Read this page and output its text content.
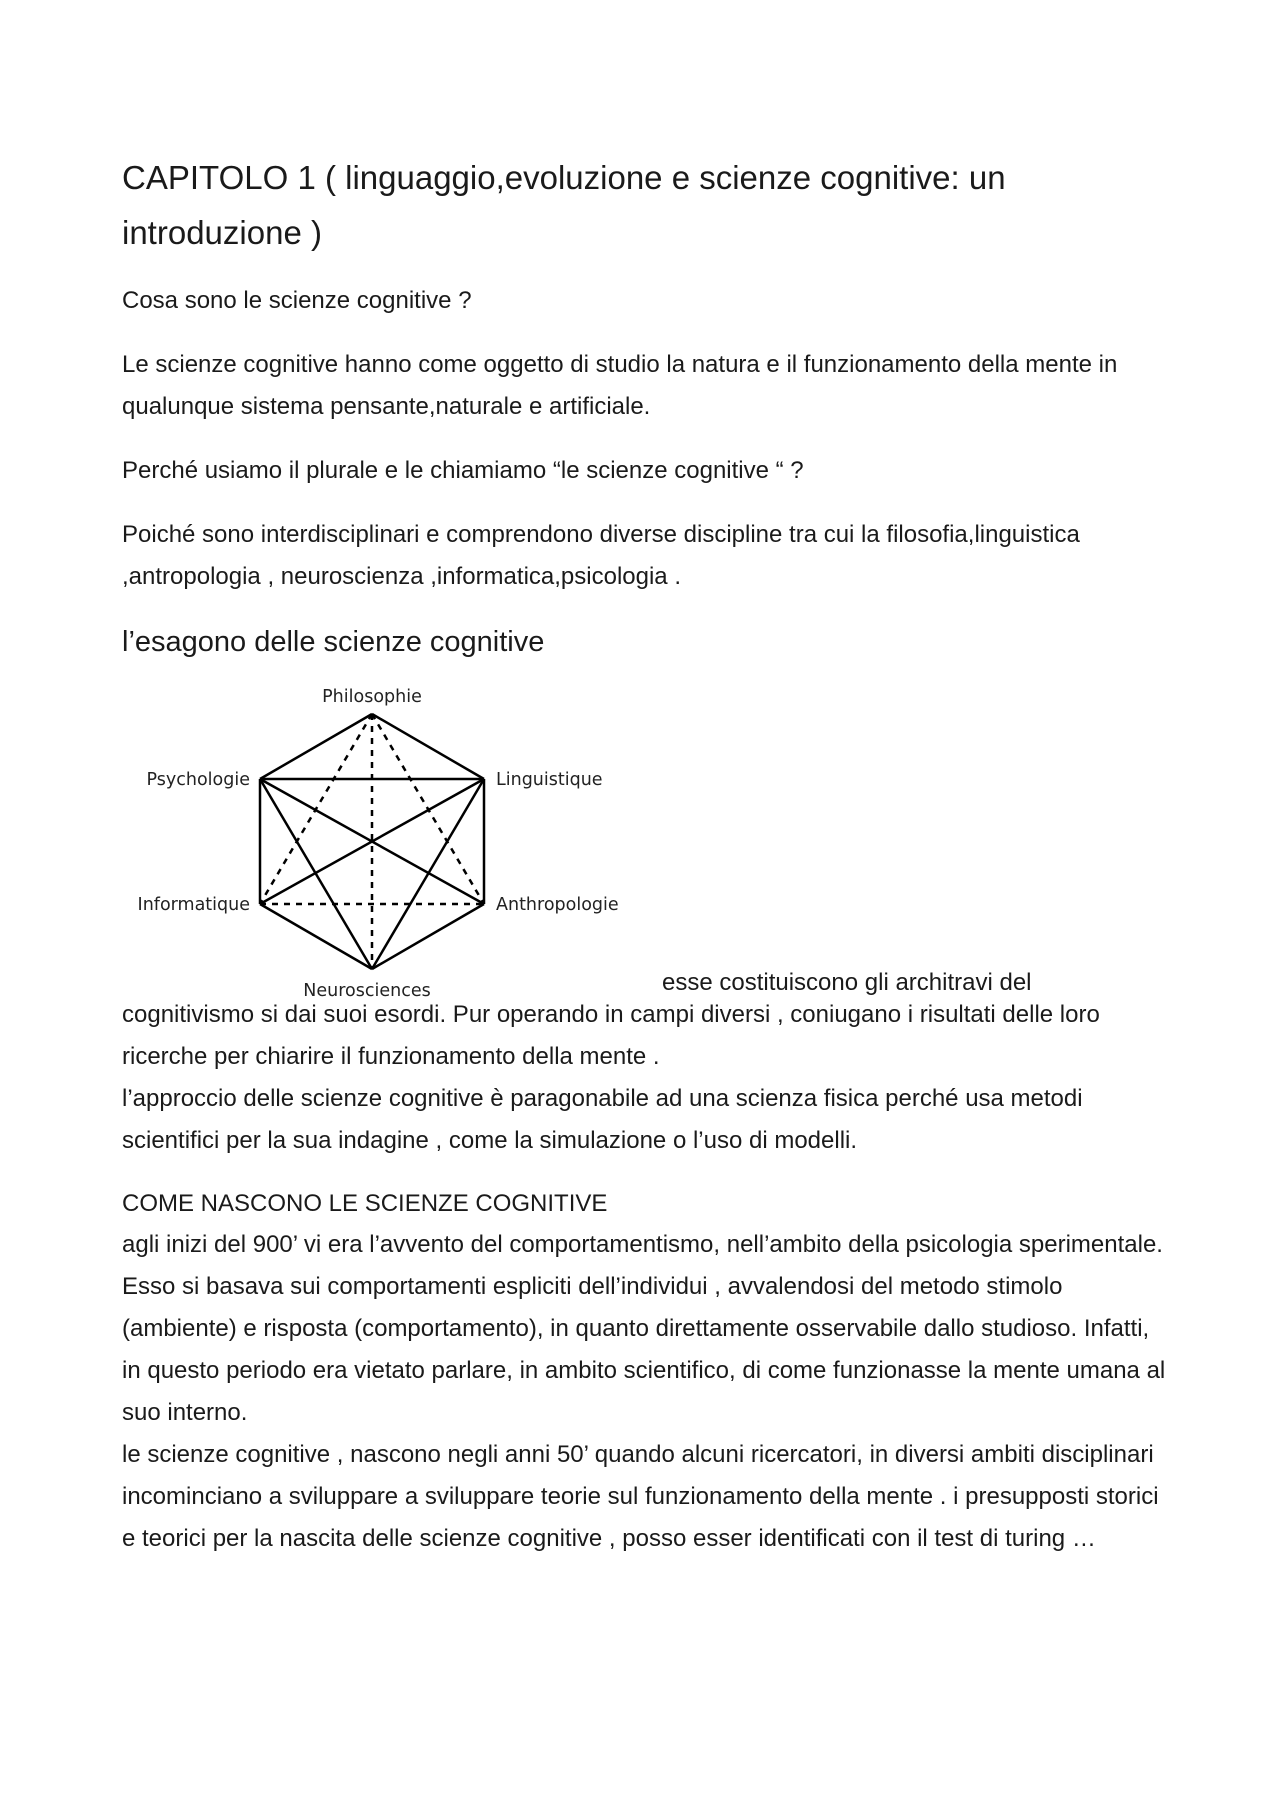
CAPITOLO 1 ( linguaggio,evoluzione e scienze cognitive: un introduzione )

Cosa sono le scienze cognitive ?

Le scienze cognitive hanno come oggetto di studio la natura e il funzionamento della mente in qualunque sistema pensante,naturale e artificiale.

Perché usiamo il plurale e le chiamiamo “le scienze cognitive “ ?

Poiché sono interdisciplinari e comprendono diverse discipline tra cui la filosofia,linguistica ,antropologia , neuroscienza ,informatica,psicologia .

l’esagono delle scienze cognitive
Philosophie
Psychologie	Linguistique
Informatique	Anthropologie
Neurosciences	esse costituiscono gli architravi del

cognitivismo si dai suoi esordi. Pur operando in campi diversi , coniugano i risultati delle loro ricerche per chiarire il funzionamento della mente .

l’approccio delle scienze cognitive è paragonabile ad una scienza fisica perché usa metodi scientifici per la sua indagine , come la simulazione o l’uso di modelli.

COME NASCONO LE SCIENZE COGNITIVE

agli inizi del 900’ vi era l’avvento del comportamentismo, nell’ambito della psicologia sperimentale. Esso si basava sui comportamenti espliciti dell’individui , avvalendosi del metodo stimolo (ambiente) e risposta (comportamento), in quanto direttamente osservabile dallo studioso. Infatti, in questo periodo era vietato parlare, in ambito scientifico, di come funzionasse la mente umana al suo interno.

le scienze cognitive , nascono negli anni 50’ quando alcuni ricercatori, in diversi ambiti disciplinari incominciano a sviluppare a sviluppare teorie sul funzionamento della mente . i presupposti storici e teorici per la nascita delle scienze cognitive , posso esser identificati con il test di turing …
